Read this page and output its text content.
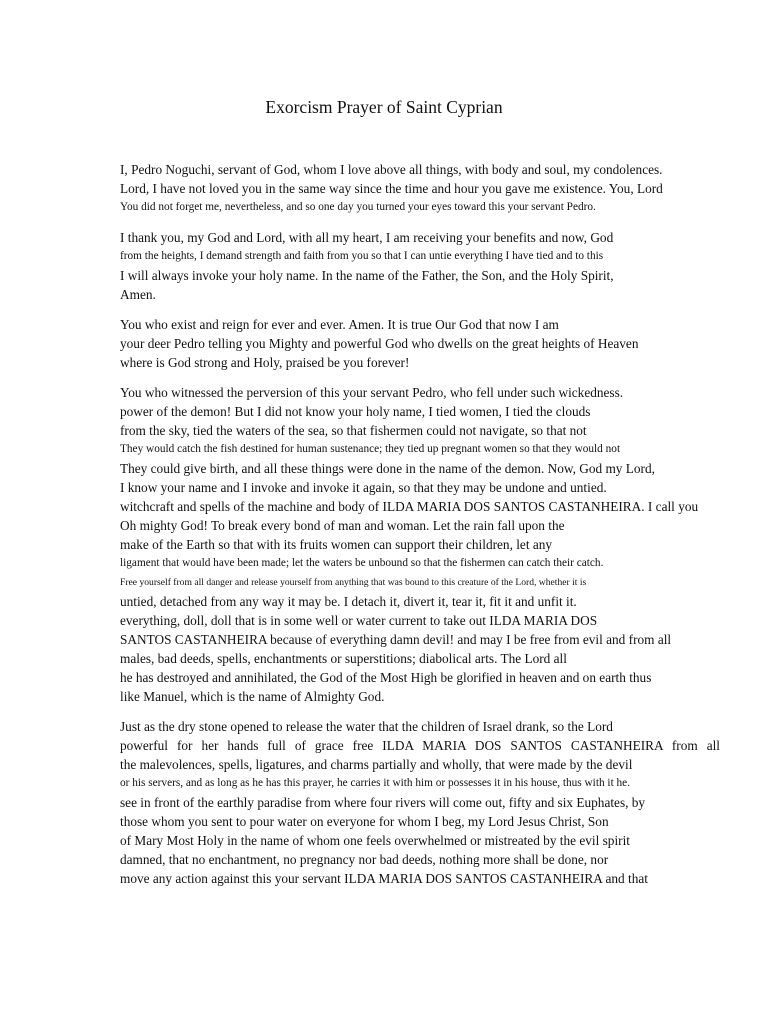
Exorcism Prayer of Saint Cyprian
I, Pedro Noguchi, servant of God, whom I love above all things, with body and soul, my condolences.
Lord, I have not loved you in the same way since the time and hour you gave me existence. You, Lord
You did not forget me, nevertheless, and so one day you turned your eyes toward this your servant Pedro.
I thank you, my God and Lord, with all my heart, I am receiving your benefits and now, God
from the heights, I demand strength and faith from you so that I can untie everything I have tied and to this
I will always invoke your holy name. In the name of the Father, the Son, and the Holy Spirit,
Amen.
You who exist and reign for ever and ever. Amen. It is true Our God that now I am
your deer Pedro telling you Mighty and powerful God who dwells on the great heights of Heaven
where is God strong and Holy, praised be you forever!
You who witnessed the perversion of this your servant Pedro, who fell under such wickedness.
power of the demon! But I did not know your holy name, I tied women, I tied the clouds
from the sky, tied the waters of the sea, so that fishermen could not navigate, so that not
They would catch the fish destined for human sustenance; they tied up pregnant women so that they would not
They could give birth, and all these things were done in the name of the demon. Now, God my Lord,
I know your name and I invoke and invoke it again, so that they may be undone and untied.
witchcraft and spells of the machine and body of ILDA MARIA DOS SANTOS CASTANHEIRA. I call you
Oh mighty God! To break every bond of man and woman. Let the rain fall upon the
make of the Earth so that with its fruits women can support their children, let any
ligament that would have been made; let the waters be unbound so that the fishermen can catch their catch.
Free yourself from all danger and release yourself from anything that was bound to this creature of the Lord, whether it is
untied, detached from any way it may be. I detach it, divert it, tear it, fit it and unfit it.
everything, doll, doll that is in some well or water current to take out ILDA MARIA DOS
SANTOS CASTANHEIRA because of everything damn devil! and may I be free from evil and from all
males, bad deeds, spells, enchantments or superstitions; diabolical arts. The Lord all
he has destroyed and annihilated, the God of the Most High be glorified in heaven and on earth thus
like Manuel, which is the name of Almighty God.
Just as the dry stone opened to release the water that the children of Israel drank, so the Lord
powerful for her hands full of grace free ILDA MARIA DOS SANTOS CASTANHEIRA from all
the malevolences, spells, ligatures, and charms partially and wholly, that were made by the devil
or his servers, and as long as he has this prayer, he carries it with him or possesses it in his house, thus with it he.
see in front of the earthly paradise from where four rivers will come out, fifty and six Euphates, by
those whom you sent to pour water on everyone for whom I beg, my Lord Jesus Christ, Son
of Mary Most Holy in the name of whom one feels overwhelmed or mistreated by the evil spirit
damned, that no enchantment, no pregnancy nor bad deeds, nothing more shall be done, nor
move any action against this your servant ILDA MARIA DOS SANTOS CASTANHEIRA and that
